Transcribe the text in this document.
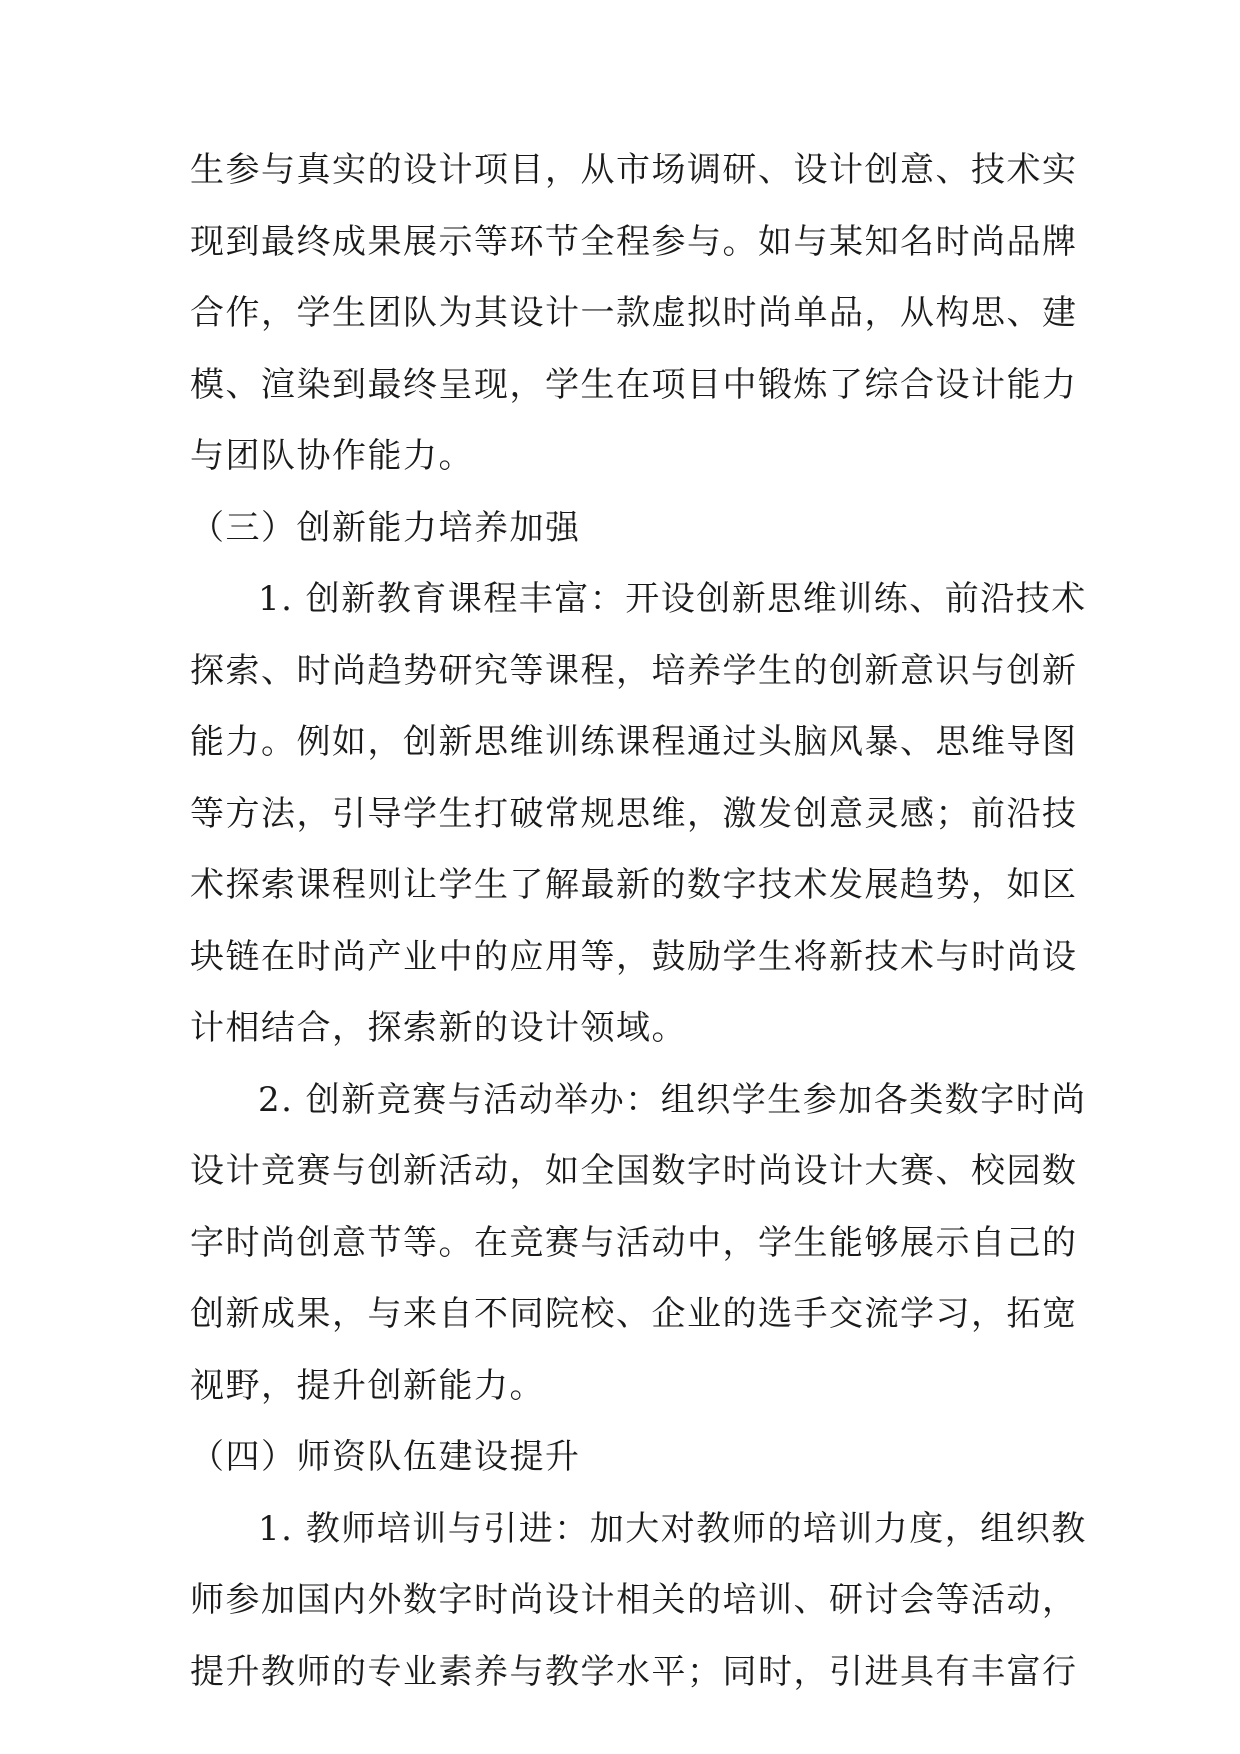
生参与真实的设计项目，从市场调研、设计创意、技术实
现到最终成果展示等环节全程参与。如与某知名时尚品牌
合作，学生团队为其设计一款虚拟时尚单品，从构思、建
模、渲染到最终呈现，学生在项目中锻炼了综合设计能力
与团队协作能力。
（三）创新能力培养加强
1. 创新教育课程丰富：开设创新思维训练、前沿技术
探索、时尚趋势研究等课程，培养学生的创新意识与创新
能力。例如，创新思维训练课程通过头脑风暴、思维导图
等方法，引导学生打破常规思维，激发创意灵感；前沿技
术探索课程则让学生了解最新的数字技术发展趋势，如区
块链在时尚产业中的应用等，鼓励学生将新技术与时尚设
计相结合，探索新的设计领域。
2. 创新竞赛与活动举办：组织学生参加各类数字时尚
设计竞赛与创新活动，如全国数字时尚设计大赛、校园数
字时尚创意节等。在竞赛与活动中，学生能够展示自己的
创新成果，与来自不同院校、企业的选手交流学习，拓宽
视野，提升创新能力。
（四）师资队伍建设提升
1. 教师培训与引进：加大对教师的培训力度，组织教
师参加国内外数字时尚设计相关的培训、研讨会等活动，
提升教师的专业素养与教学水平；同时，引进具有丰富行
